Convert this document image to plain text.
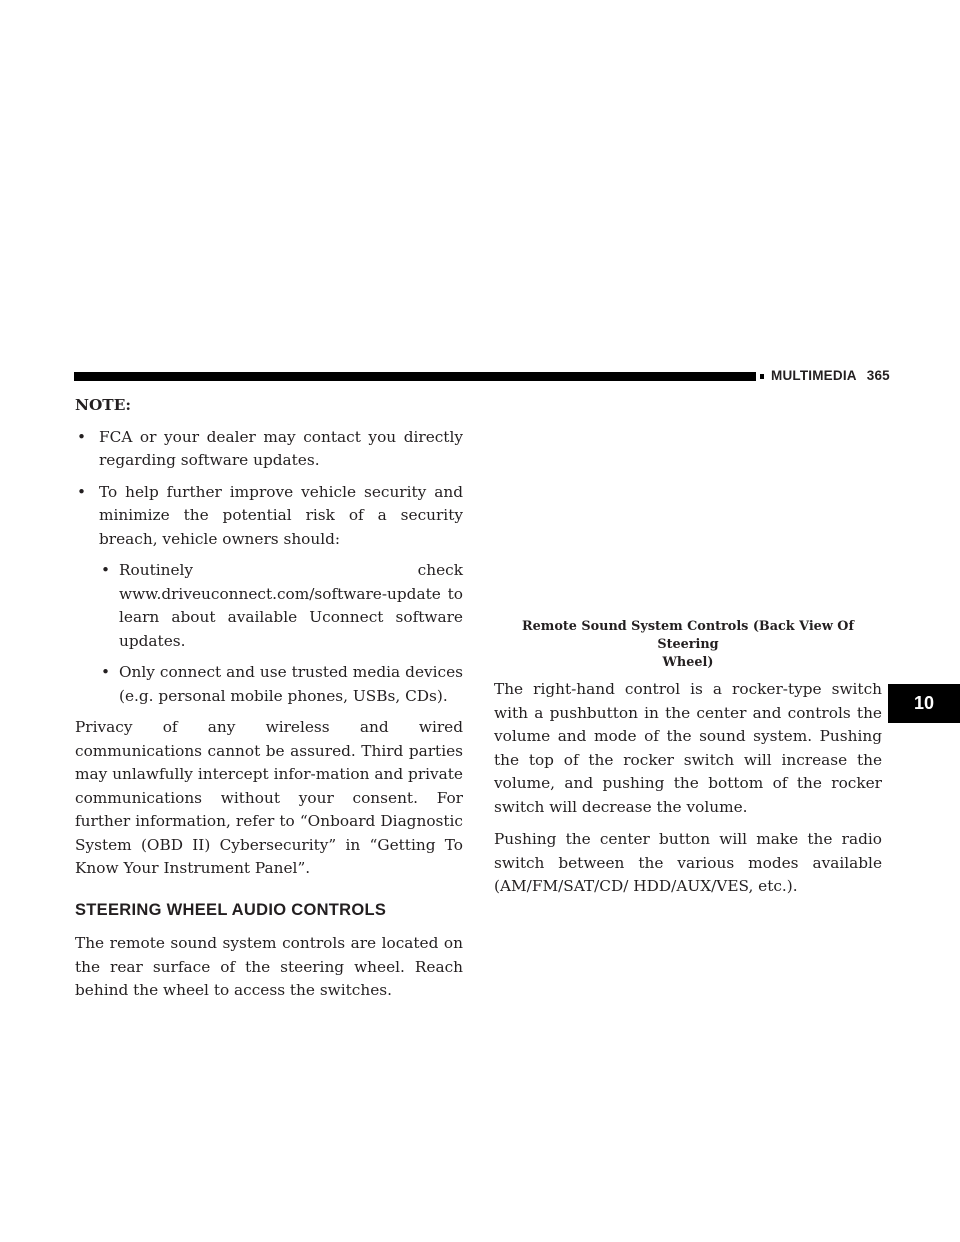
MULTIMEDIA 365
10

NOTE:

• FCA or your dealer may contact you directly regarding software updates.
• To help further improve vehicle security and minimize the potential risk of a security breach, vehicle owners should:
• Routinely check www.driveuconnect.com/software-update to learn about available Uconnect software updates.
• Only connect and use trusted media devices (e.g. personal mobile phones, USBs, CDs).

Privacy of any wireless and wired communications cannot be assured. Third parties may unlawfully intercept infor-mation and private communications without your consent. For further information, refer to “Onboard Diagnostic System (OBD II) Cybersecurity” in “Getting To Know Your Instrument Panel”.

STEERING WHEEL AUDIO CONTROLS

The remote sound system controls are located on the rear surface of the steering wheel. Reach behind the wheel to access the switches.

Remote Sound System Controls (Back View Of Steering
Wheel)

The right-hand control is a rocker-type switch with a pushbutton in the center and controls the volume and mode of the sound system. Pushing the top of the rocker switch will increase the volume, and pushing the bottom of the rocker switch will decrease the volume.

Pushing the center button will make the radio switch between the various modes available (AM/FM/SAT/CD/ HDD/AUX/VES, etc.).
